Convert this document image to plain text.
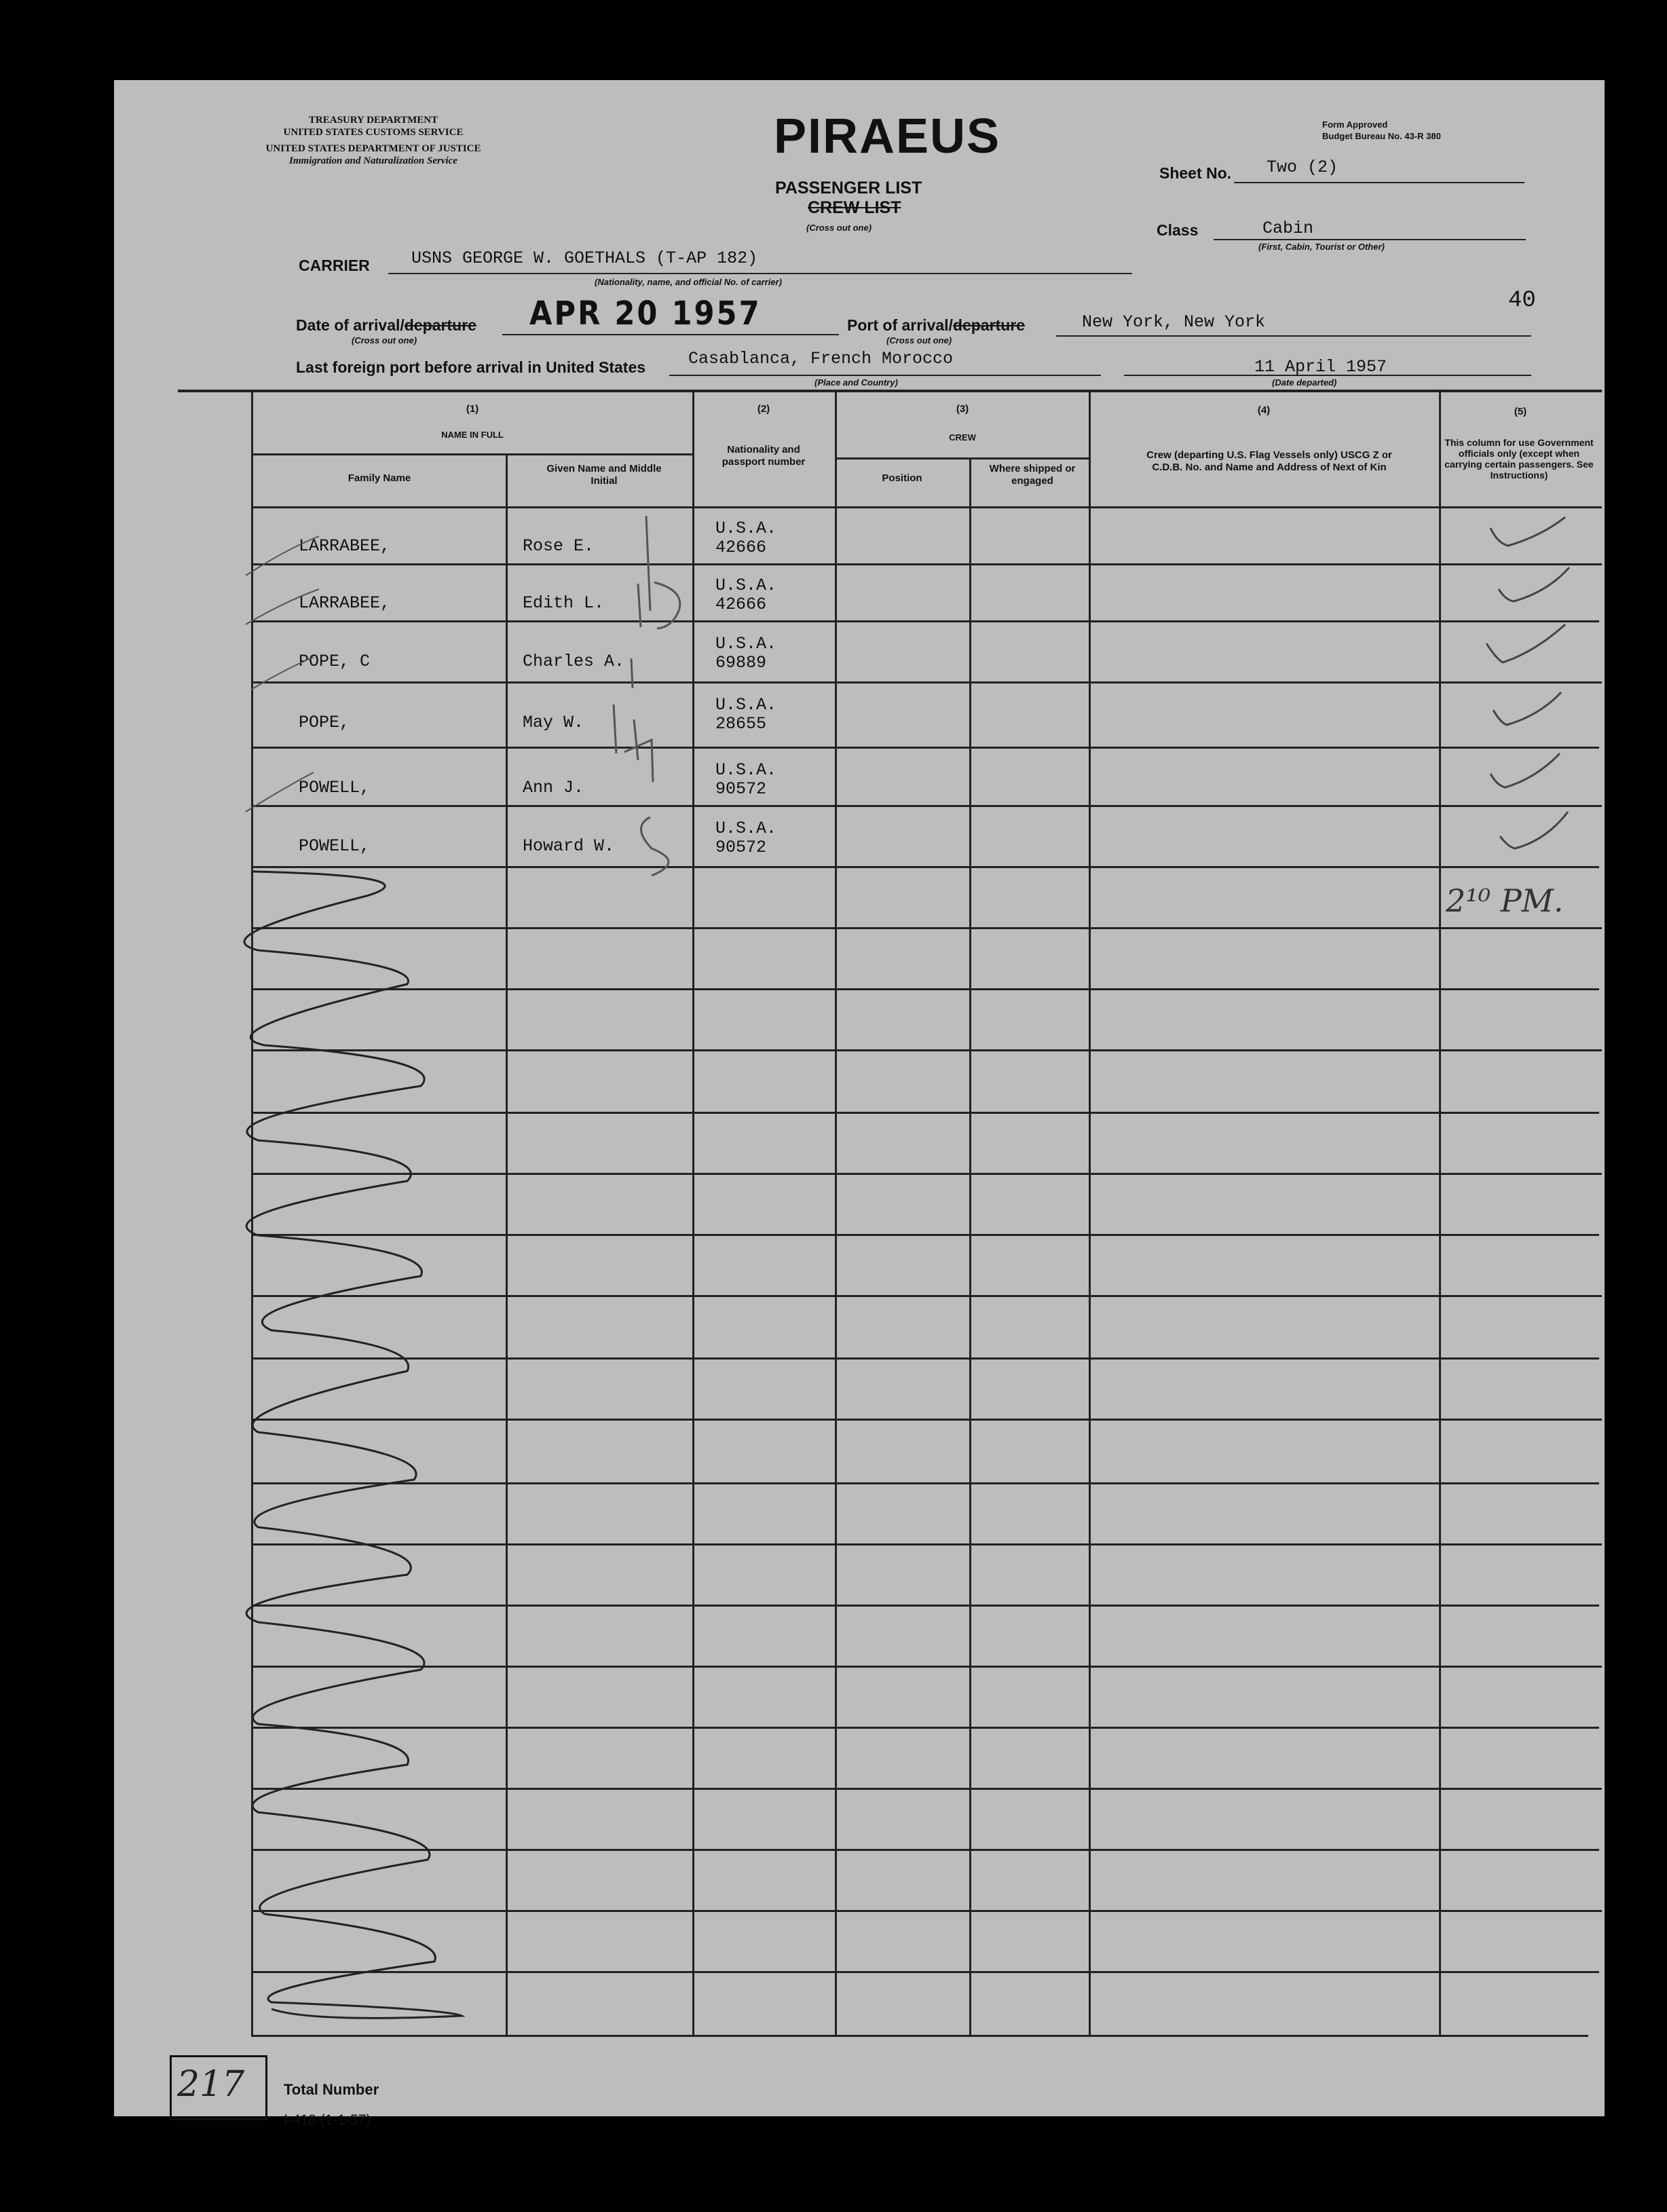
TREASURY DEPARTMENT
UNITED STATES CUSTOMS SERVICE
UNITED STATES DEPARTMENT OF JUSTICE
Immigration and Naturalization Service	PIRAEUS
PASSENGER LIST
CREW LIST
(Cross out one)
Form Approved
Budget Bureau No. 43-R 380
Sheet No. Two (2)
Class	Cabin
(First, Cabin, Tourist or Other)
CARRIER USNS GEORGE W. GOETHALS (T-AP 182)
(Nationality, name, and official No. of carrier)
40
Date of arrival/departure
(Cross out one)
APR 20 1957	Port of arrival/departure
(Cross out one)
New York, New York
Last foreign port before arrival in United States	Casablanca, French Morocco
(Place and Country)
11 April 1957
(Date departed)
(1)
NAME IN FULL
Family Name
Given Name and Middle Initial
(2)
Nationality and passport number
(3)
CREW
Position
Where shipped or engaged
(4)
Crew (departing U.S. Flag Vessels only) USCG Z or C.D.B. No. and Name and Address of Next of Kin
(5)
This column for use Government officials only (except when carrying certain passengers. See Instructions)
LARRABEE,	Rose E.
U.S.A.
42666
LARRABEE,	Edith L.
U.S.A.
42666
POPE, C	Charles A.
U.S.A.
69889
POPE,	May W.
U.S.A.
28655
POWELL,	Ann J.
U.S.A.
90572
POWELL,	Howard W.
U.S.A.
90572
2¹⁰ PM.
217	Total Number
I-418 (1-1-57)
